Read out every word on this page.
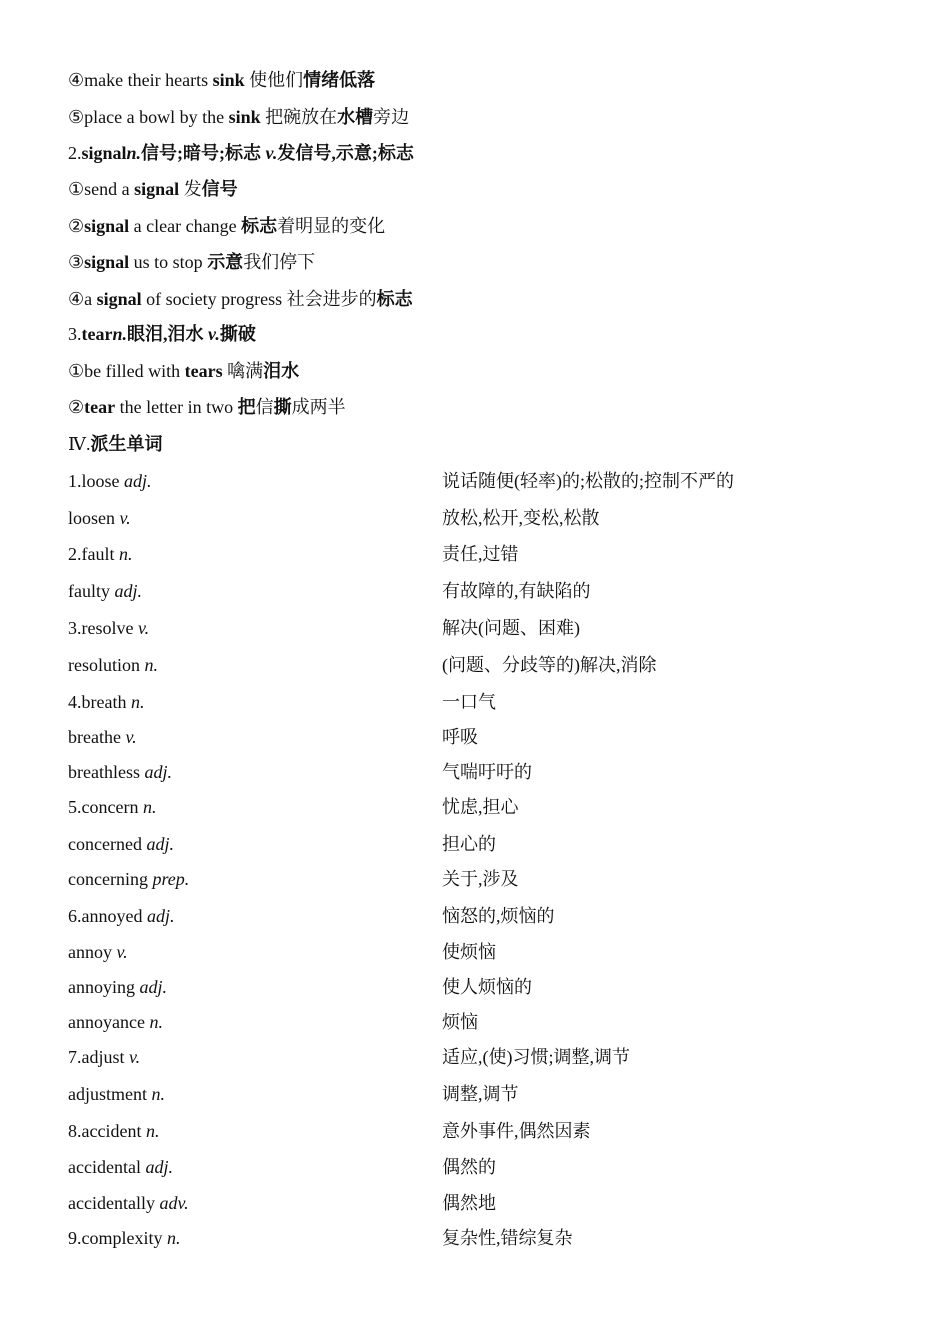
④make their hearts sink 使他们情绪低落
⑤place a bowl by the sink 把碗放在水槽旁边
2.signaln.信号;暗号;标志 v.发信号,示意;标志
①send a signal 发信号
②signal a clear change 标志着明显的变化
③signal us to stop 示意我们停下
④a signal of society progress 社会进步的标志
3.tearn.眼泪,泪水 v.撕破
①be filled with tears 噙满泪水
②tear the letter in two 把信撕成两半
Ⅳ.派生单词
1.loose adj.	说话随便(轻率)的;松散的;控制不严的
loosen v.	放松,松开,变松,松散
2.fault n.	责任,过错
faulty adj.	有故障的,有缺陷的
3.resolve v.	解决(问题、困难)
resolution n.	(问题、分歧等的)解决,消除
4.breath n.	一口气
breathe v.	呼吸
breathless adj.	气喘吁吁的
5.concern n.	忧虑,担心
concerned adj.	担心的
concerning prep.	关于,涉及
6.annoyed adj.	恼怒的,烦恼的
annoy v.	使烦恼
annoying adj.	使人烦恼的
annoyance n.	烦恼
7.adjust v.	适应,(使)习惯;调整,调节
adjustment n.	调整,调节
8.accident n.	意外事件,偶然因素
accidental adj.	偶然的
accidentally adv.	偶然地
9.complexity n.	复杂性,错综复杂
